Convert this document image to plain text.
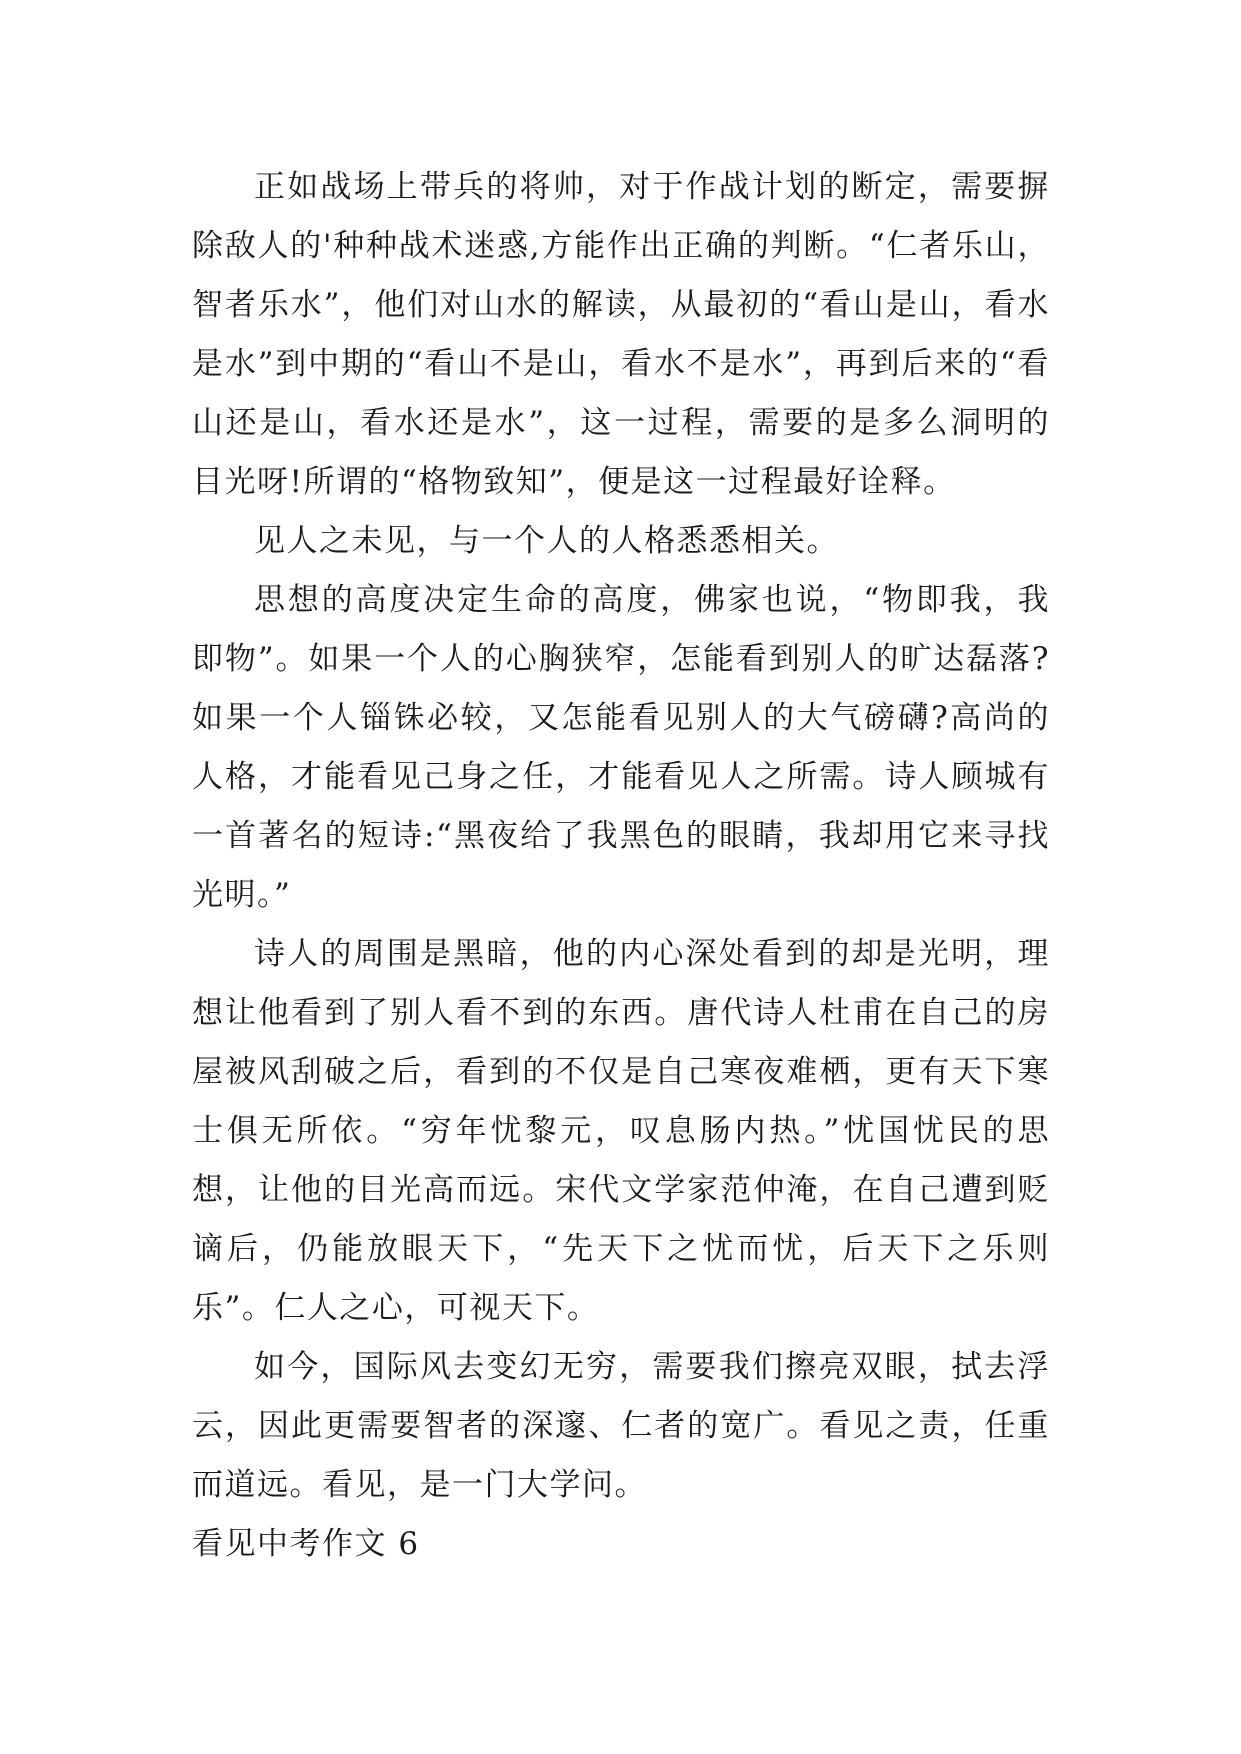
正如战场上带兵的将帅，对于作战计划的断定，需要摒除敌人的'种种战术迷惑,方能作出正确的判断。“仁者乐山，智者乐水”，他们对山水的解读，从最初的“看山是山，看水是水”到中期的“看山不是山，看水不是水”，再到后来的“看山还是山，看水还是水”，这一过程，需要的是多么洞明的目光呀!所谓的“格物致知”，便是这一过程最好诠释。

见人之未见，与一个人的人格悉悉相关。

思想的高度决定生命的高度，佛家也说，“物即我，我即物”。如果一个人的心胸狭窄，怎能看到别人的旷达磊落?如果一个人锱铢必较，又怎能看见别人的大气磅礴?高尚的人格，才能看见己身之任，才能看见人之所需。诗人顾城有一首著名的短诗:“黑夜给了我黑色的眼睛，我却用它来寻找光明。”

诗人的周围是黑暗，他的内心深处看到的却是光明，理想让他看到了别人看不到的东西。唐代诗人杜甫在自己的房屋被风刮破之后，看到的不仅是自己寒夜难栖，更有天下寒士俱无所依。“穷年忧黎元，叹息肠内热。”忧国忧民的思想，让他的目光高而远。宋代文学家范仲淹，在自己遭到贬谪后，仍能放眼天下，“先天下之忧而忧，后天下之乐则乐”。仁人之心，可视天下。

如今，国际风去变幻无穷，需要我们擦亮双眼，拭去浮云，因此更需要智者的深邃、仁者的宽广。看见之责，任重而道远。看见，是一门大学问。

看见中考作文 6
